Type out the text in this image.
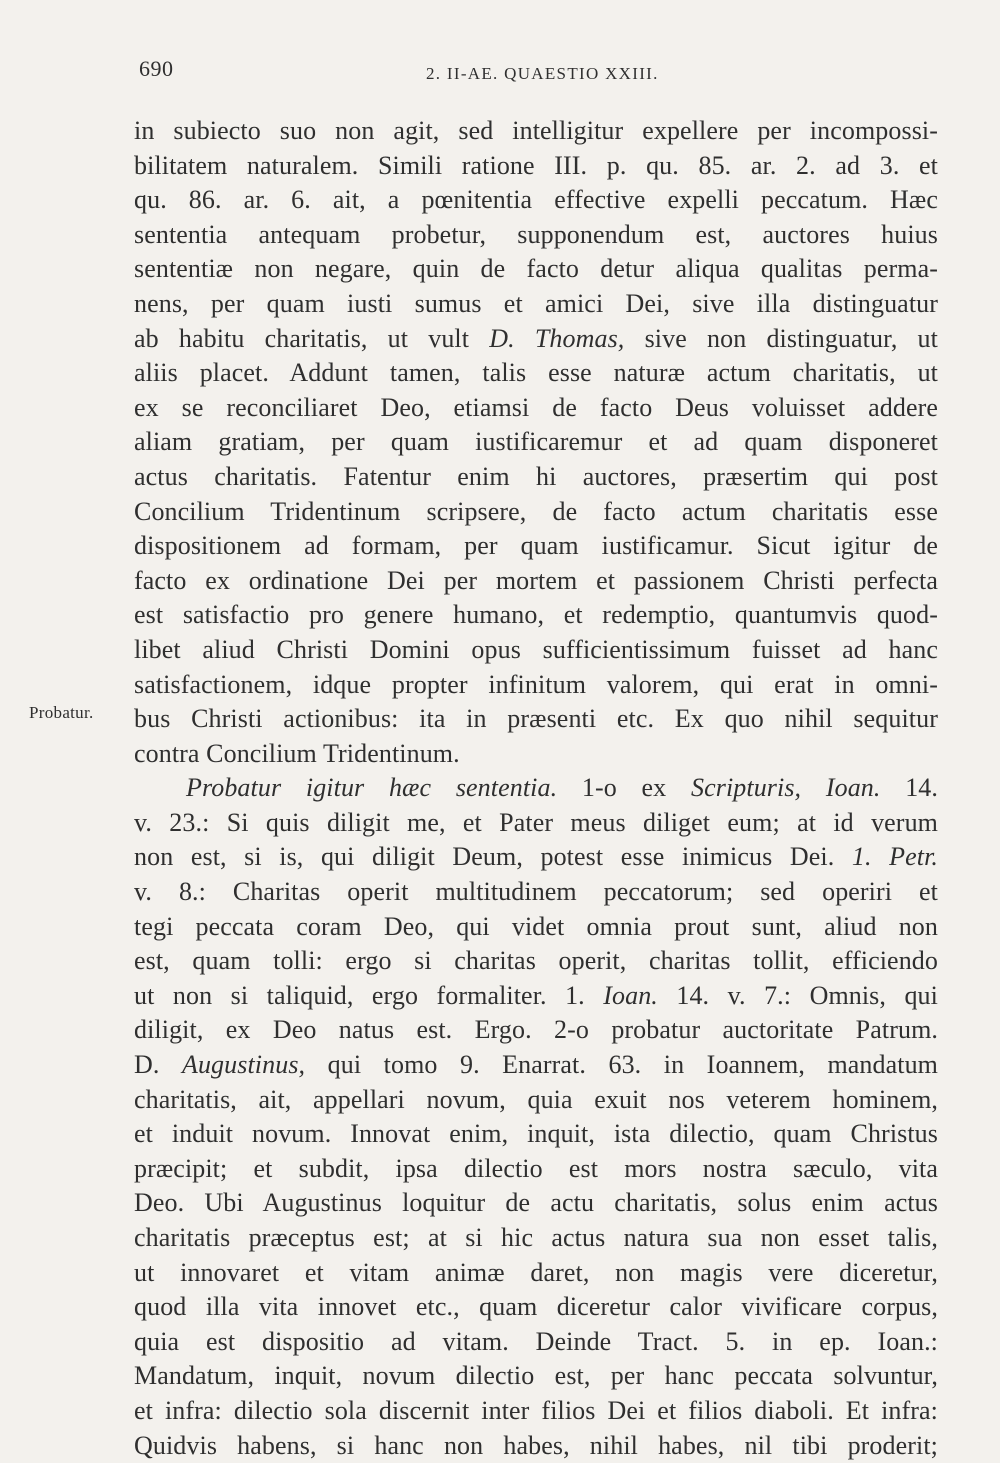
690	2. II-AE. QUAESTIO XXIII.
Probatur.
in subiecto suo non agit, sed intelligitur expellere per incompossi-
bilitatem naturalem. Simili ratione III. p. qu. 85. ar. 2. ad 3. et
qu. 86. ar. 6. ait, a pœnitentia effective expelli peccatum. Hæc
sententia antequam probetur, supponendum est, auctores huius
sententiæ non negare, quin de facto detur aliqua qualitas perma-
nens, per quam iusti sumus et amici Dei, sive illa distinguatur
ab habitu charitatis, ut vult D. Thomas, sive non distinguatur, ut
aliis placet. Addunt tamen, talis esse naturæ actum charitatis, ut
ex se reconciliaret Deo, etiamsi de facto Deus voluisset addere
aliam gratiam, per quam iustificaremur et ad quam disponeret
actus charitatis. Fatentur enim hi auctores, præsertim qui post
Concilium Tridentinum scripsere, de facto actum charitatis esse
dispositionem ad formam, per quam iustificamur. Sicut igitur de
facto ex ordinatione Dei per mortem et passionem Christi perfecta
est satisfactio pro genere humano, et redemptio, quantumvis quod-
libet aliud Christi Domini opus sufficientissimum fuisset ad hanc
satisfactionem, idque propter infinitum valorem, qui erat in omni-
bus Christi actionibus: ita in præsenti etc. Ex quo nihil sequitur
contra Concilium Tridentinum.
Probatur igitur hæc sententia. 1-o ex Scripturis, Ioan. 14.
v. 23.: Si quis diligit me, et Pater meus diliget eum; at id verum
non est, si is, qui diligit Deum, potest esse inimicus Dei. 1. Petr.
v. 8.: Charitas operit multitudinem peccatorum; sed operiri et
tegi peccata coram Deo, qui videt omnia prout sunt, aliud non
est, quam tolli: ergo si charitas operit, charitas tollit, efficiendo
ut non si taliquid, ergo formaliter. 1. Ioan. 14. v. 7.: Omnis, qui
diligit, ex Deo natus est. Ergo. 2-o probatur auctoritate Patrum.
D. Augustinus, qui tomo 9. Enarrat. 63. in Ioannem, mandatum
charitatis, ait, appellari novum, quia exuit nos veterem hominem,
et induit novum. Innovat enim, inquit, ista dilectio, quam Christus
præcipit; et subdit, ipsa dilectio est mors nostra sæculo, vita
Deo. Ubi Augustinus loquitur de actu charitatis, solus enim actus
charitatis præceptus est; at si hic actus natura sua non esset talis,
ut innovaret et vitam animæ daret, non magis vere diceretur,
quod illa vita innovet etc., quam diceretur calor vivificare corpus,
quia est dispositio ad vitam. Deinde Tract. 5. in ep. Ioan.:
Mandatum, inquit, novum dilectio est, per hanc peccata solvuntur,
et infra: dilectio sola discernit inter filios Dei et filios diaboli. Et infra:
Quidvis habens, si hanc non habes, nihil habes, nil tibi proderit;
